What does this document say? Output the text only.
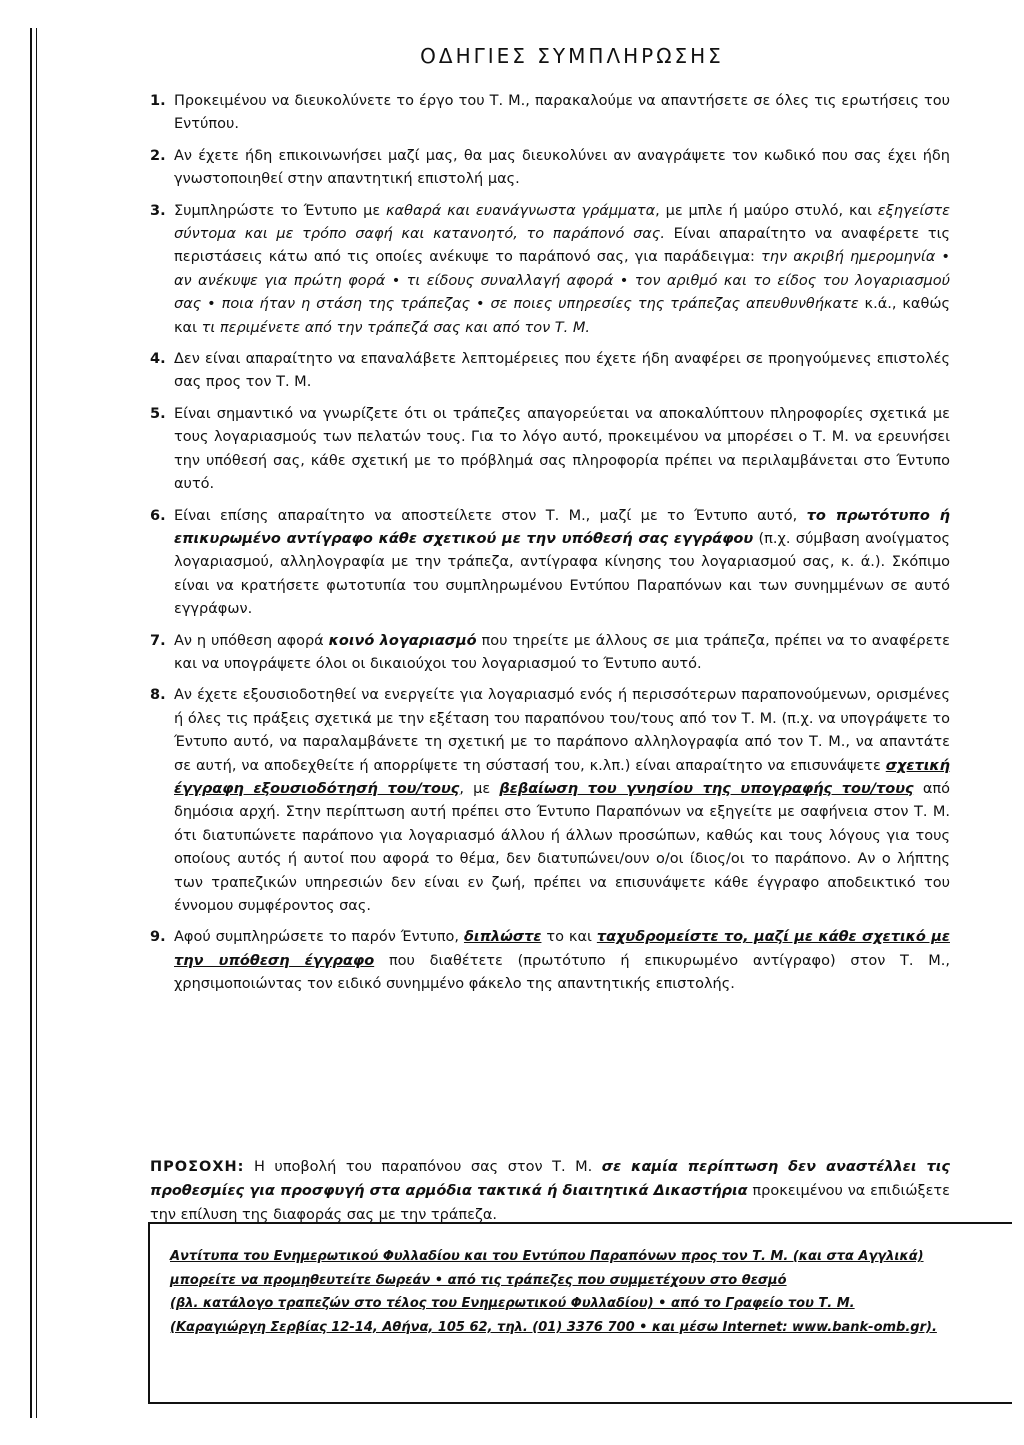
ΟΔΗΓΙΕΣ ΣΥΜΠΛΗΡΩΣΗΣ
1. Προκειμένου να διευκολύνετε το έργο του Τ. Μ., παρακαλούμε να απαντήσετε σε όλες τις ερωτήσεις του Εντύπου.
2. Αν έχετε ήδη επικοινωνήσει μαζί μας, θα μας διευκολύνει αν αναγράψετε τον κωδικό που σας έχει ήδη γνωστοποιηθεί στην απαντητική επιστολή μας.
3. Συμπληρώστε το Έντυπο με καθαρά και ευανάγνωστα γράμματα, με μπλε ή μαύρο στυλό, και εξηγείστε σύντομα και με τρόπο σαφή και κατανοητό, το παράπονό σας. Είναι απαραίτητο να αναφέρετε τις περιστάσεις κάτω από τις οποίες ανέκυψε το παράπονό σας, για παράδειγμα: την ακριβή ημερομηνία • αν ανέκυψε για πρώτη φορά • τι είδους συναλλαγή αφορά • τον αριθμό και το είδος του λογαριασμού σας • ποια ήταν η στάση της τράπεζας • σε ποιες υπηρεσίες της τράπεζας απευθυνθήκατε κ.ά., καθώς και τι περιμένετε από την τράπεζά σας και από τον Τ. Μ.
4. Δεν είναι απαραίτητο να επαναλάβετε λεπτομέρειες που έχετε ήδη αναφέρει σε προηγούμενες επιστολές σας προς τον Τ. Μ.
5. Είναι σημαντικό να γνωρίζετε ότι οι τράπεζες απαγορεύεται να αποκαλύπτουν πληροφορίες σχετικά με τους λογαριασμούς των πελατών τους. Για το λόγο αυτό, προκειμένου να μπορέσει ο Τ. Μ. να ερευνήσει την υπόθεσή σας, κάθε σχετική με το πρόβλημά σας πληροφορία πρέπει να περιλαμβάνεται στο Έντυπο αυτό.
6. Είναι επίσης απαραίτητο να αποστείλετε στον Τ. Μ., μαζί με το Έντυπο αυτό, το πρωτότυπο ή επικυρωμένο αντίγραφο κάθε σχετικού με την υπόθεσή σας εγγράφου (π.χ. σύμβαση ανοίγματος λογαριασμού, αλληλογραφία με την τράπεζα, αντίγραφα κίνησης του λογαριασμού σας, κ. ά.). Σκόπιμο είναι να κρατήσετε φωτοτυπία του συμπληρωμένου Εντύπου Παραπόνων και των συνημμένων σε αυτό εγγράφων.
7. Αν η υπόθεση αφορά κοινό λογαριασμό που τηρείτε με άλλους σε μια τράπεζα, πρέπει να το αναφέρετε και να υπογράψετε όλοι οι δικαιούχοι του λογαριασμού το Έντυπο αυτό.
8. Αν έχετε εξουσιοδοτηθεί να ενεργείτε για λογαριασμό ενός ή περισσότερων παραπονούμενων, ορισμένες ή όλες τις πράξεις σχετικά με την εξέταση του παραπόνου του/τους από τον Τ. Μ. (π.χ. να υπογράψετε το Έντυπο αυτό, να παραλαμβάνετε τη σχετική με το παράπονο αλληλογραφία από τον Τ. Μ., να απαντάτε σε αυτή, να αποδεχθείτε ή απορρίψετε τη σύστασή του, κ.λπ.) είναι απαραίτητο να επισυνάψετε σχετική έγγραφη εξουσιοδότησή του/τους, με βεβαίωση του γνησίου της υπογραφής του/τους από δημόσια αρχή. Στην περίπτωση αυτή πρέπει στο Έντυπο Παραπόνων να εξηγείτε με σαφήνεια στον Τ. Μ. ότι διατυπώνετε παράπονο για λογαριασμό άλλου ή άλλων προσώπων, καθώς και τους λόγους για τους οποίους αυτός ή αυτοί που αφορά το θέμα, δεν διατυπώνει/ουν ο/οι ίδιος/οι το παράπονο. Αν ο λήπτης των τραπεζικών υπηρεσιών δεν είναι εν ζωή, πρέπει να επισυνάψετε κάθε έγγραφο αποδεικτικό του έννομου συμφέροντος σας.
9. Αφού συμπληρώσετε το παρόν Έντυπο, διπλώστε το και ταχυδρομείστε το, μαζί με κάθε σχετικό με την υπόθεση έγγραφο που διαθέτετε (πρωτότυπο ή επικυρωμένο αντίγραφο) στον Τ. Μ., χρησιμοποιώντας τον ειδικό συνημμένο φάκελο της απαντητικής επιστολής.
ΠΡΟΣΟΧΗ: Η υποβολή του παραπόνου σας στον Τ. Μ. σε καμία περίπτωση δεν αναστέλλει τις προθεσμίες για προσφυγή στα αρμόδια τακτικά ή διαιτητικά Δικαστήρια προκειμένου να επιδιώξετε την επίλυση της διαφοράς σας με την τράπεζα.
Αντίτυπα του Ενημερωτικού Φυλλαδίου και του Εντύπου Παραπόνων προς τον Τ. Μ. (και στα Αγγλικά)
μπορείτε να προμηθευτείτε δωρεάν • από τις τράπεζες που συμμετέχουν στο θεσμό
(βλ. κατάλογο τραπεζών στο τέλος του Ενημερωτικού Φυλλαδίου) • από το Γραφείο του Τ. Μ.
(Καραγιώργη Σερβίας 12-14, Αθήνα, 105 62, τηλ. (01) 3376 700 • και μέσω Internet: www.bank-omb.gr).
